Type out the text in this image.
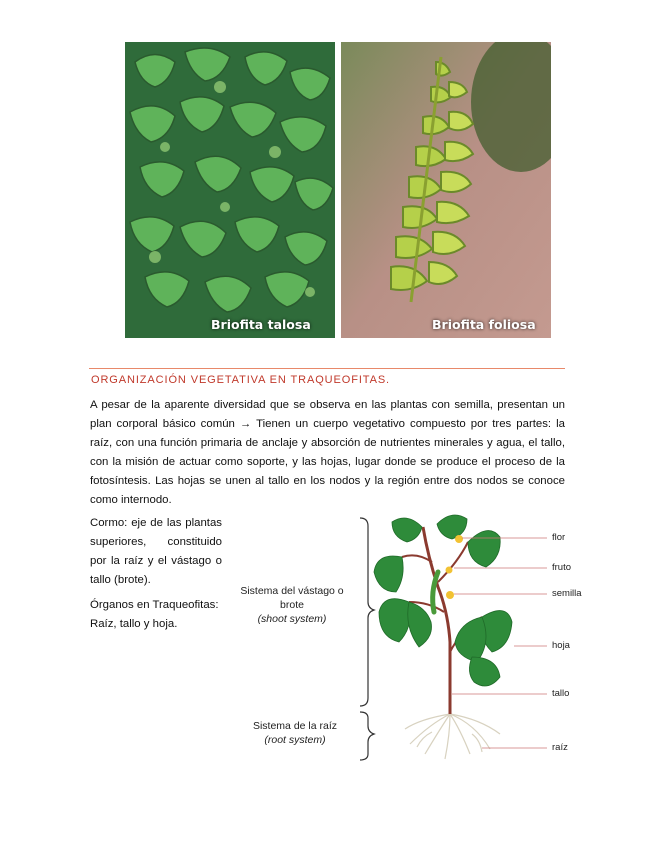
Briofita talosa	Briofita foliosa
ORGANIZACIÓN VEGETATIVA EN TRAQUEOFITAS.
A pesar de la aparente diversidad que se observa en las plantas con semilla, presentan un plan corporal básico común → Tienen un cuerpo vegetativo compuesto por tres partes: la raíz, con una función primaria de anclaje y absorción de nutrientes minerales y agua, el tallo, con la misión de actuar como soporte, y las hojas, lugar donde se produce el proceso de la fotosíntesis. Las hojas se unen al tallo en los nodos y la región entre dos nodos se conoce como internodo.
Cormo: eje de las plantas superiores, constituido por la raíz y el vástago o tallo (brote).
Órganos en Traqueofitas: Raíz, tallo y hoja.
Sistema del vástago o brote
(shoot system)
Sistema de la raíz
(root system)
flor
fruto
semilla
hoja
tallo
raíz
